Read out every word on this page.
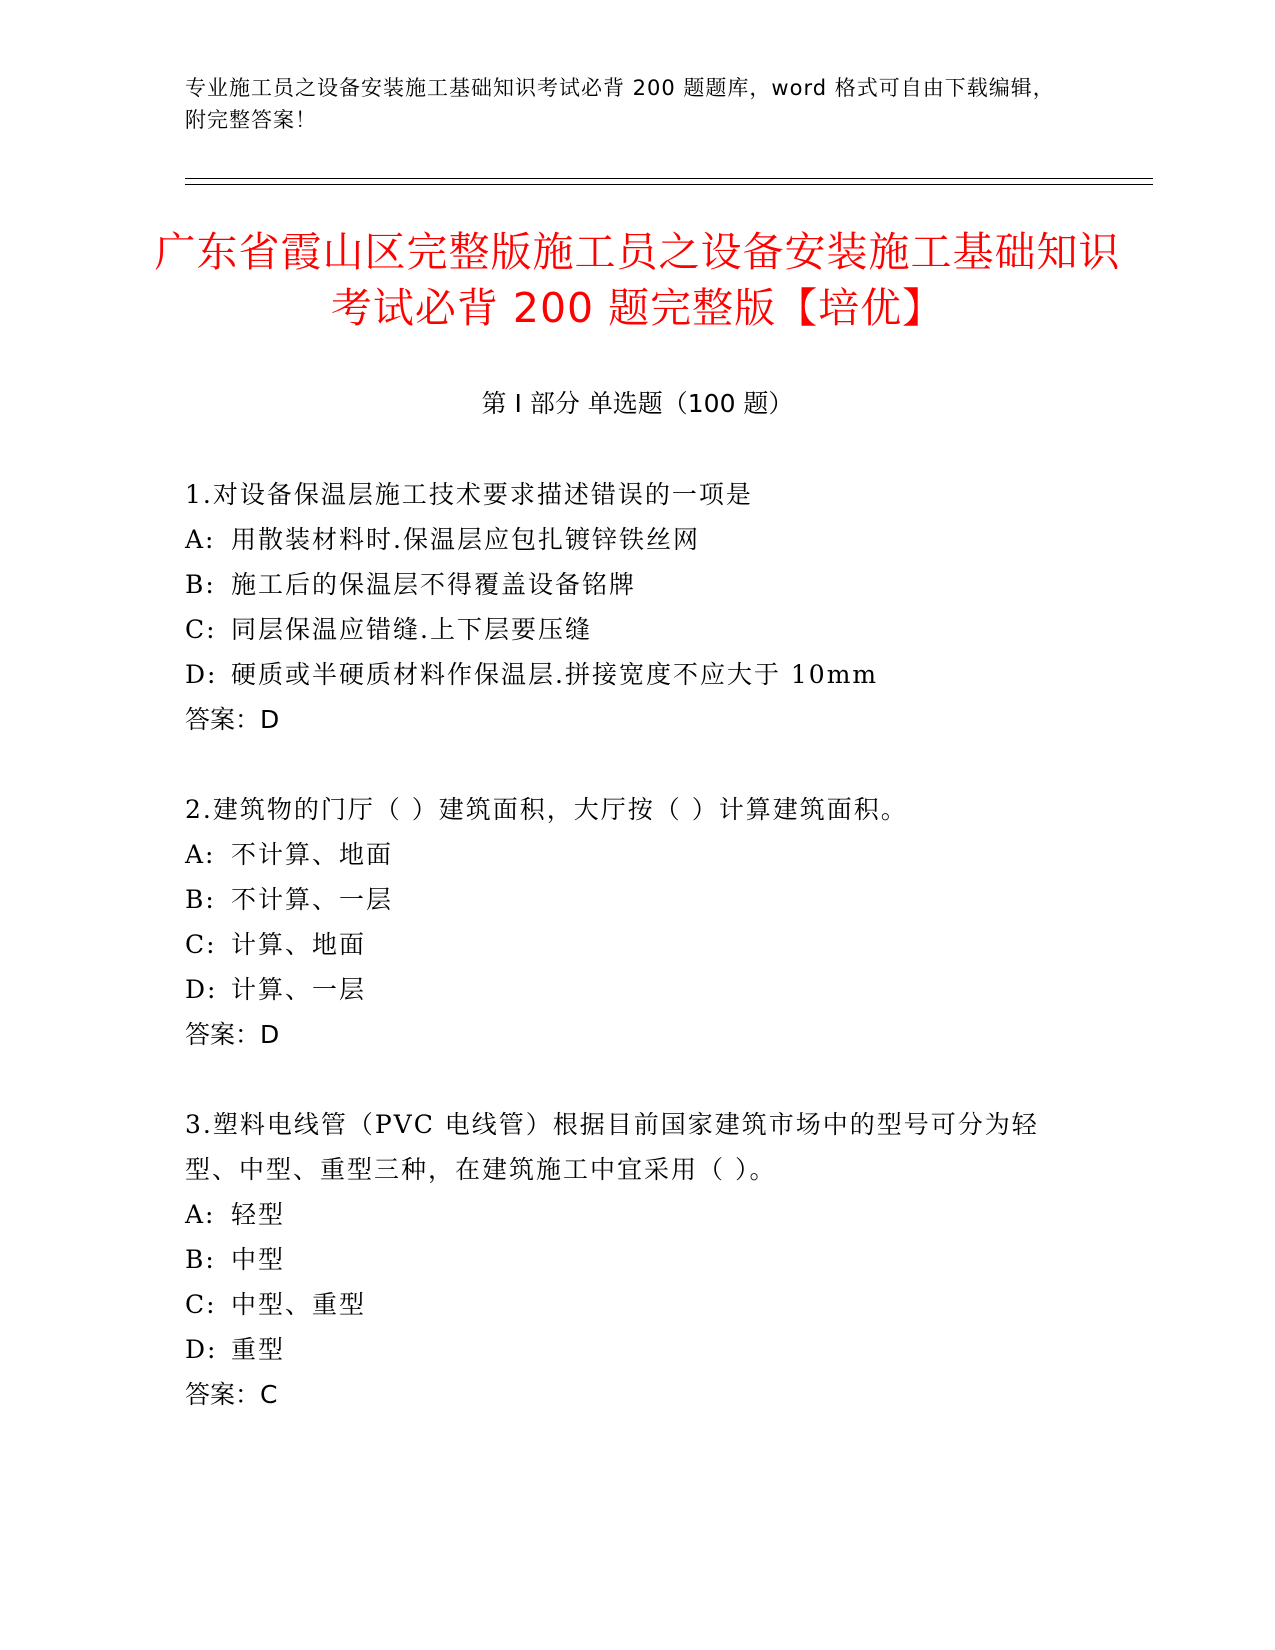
专业施工员之设备安装施工基础知识考试必背 200 题题库，word 格式可自由下载编辑，附完整答案！
广东省霞山区完整版施工员之设备安装施工基础知识考试必背 200 题完整版【培优】
第 I 部分 单选题（100 题）

1.对设备保温层施工技术要求描述错误的一项是

A: 用散装材料时.保温层应包扎镀锌铁丝网

B: 施工后的保温层不得覆盖设备铭牌

C: 同层保温应错缝.上下层要压缝

D: 硬质或半硬质材料作保温层.拼接宽度不应大于 10mm

答案：D

2.建筑物的门厅（ ）建筑面积，大厅按（ ）计算建筑面积。

A: 不计算、地面

B: 不计算、一层

C: 计算、地面

D: 计算、一层

答案：D

3.塑料电线管（PVC 电线管）根据目前国家建筑市场中的型号可分为轻型、中型、重型三种，在建筑施工中宜采用（ ）。

A: 轻型

B: 中型

C: 中型、重型

D: 重型

答案：C
